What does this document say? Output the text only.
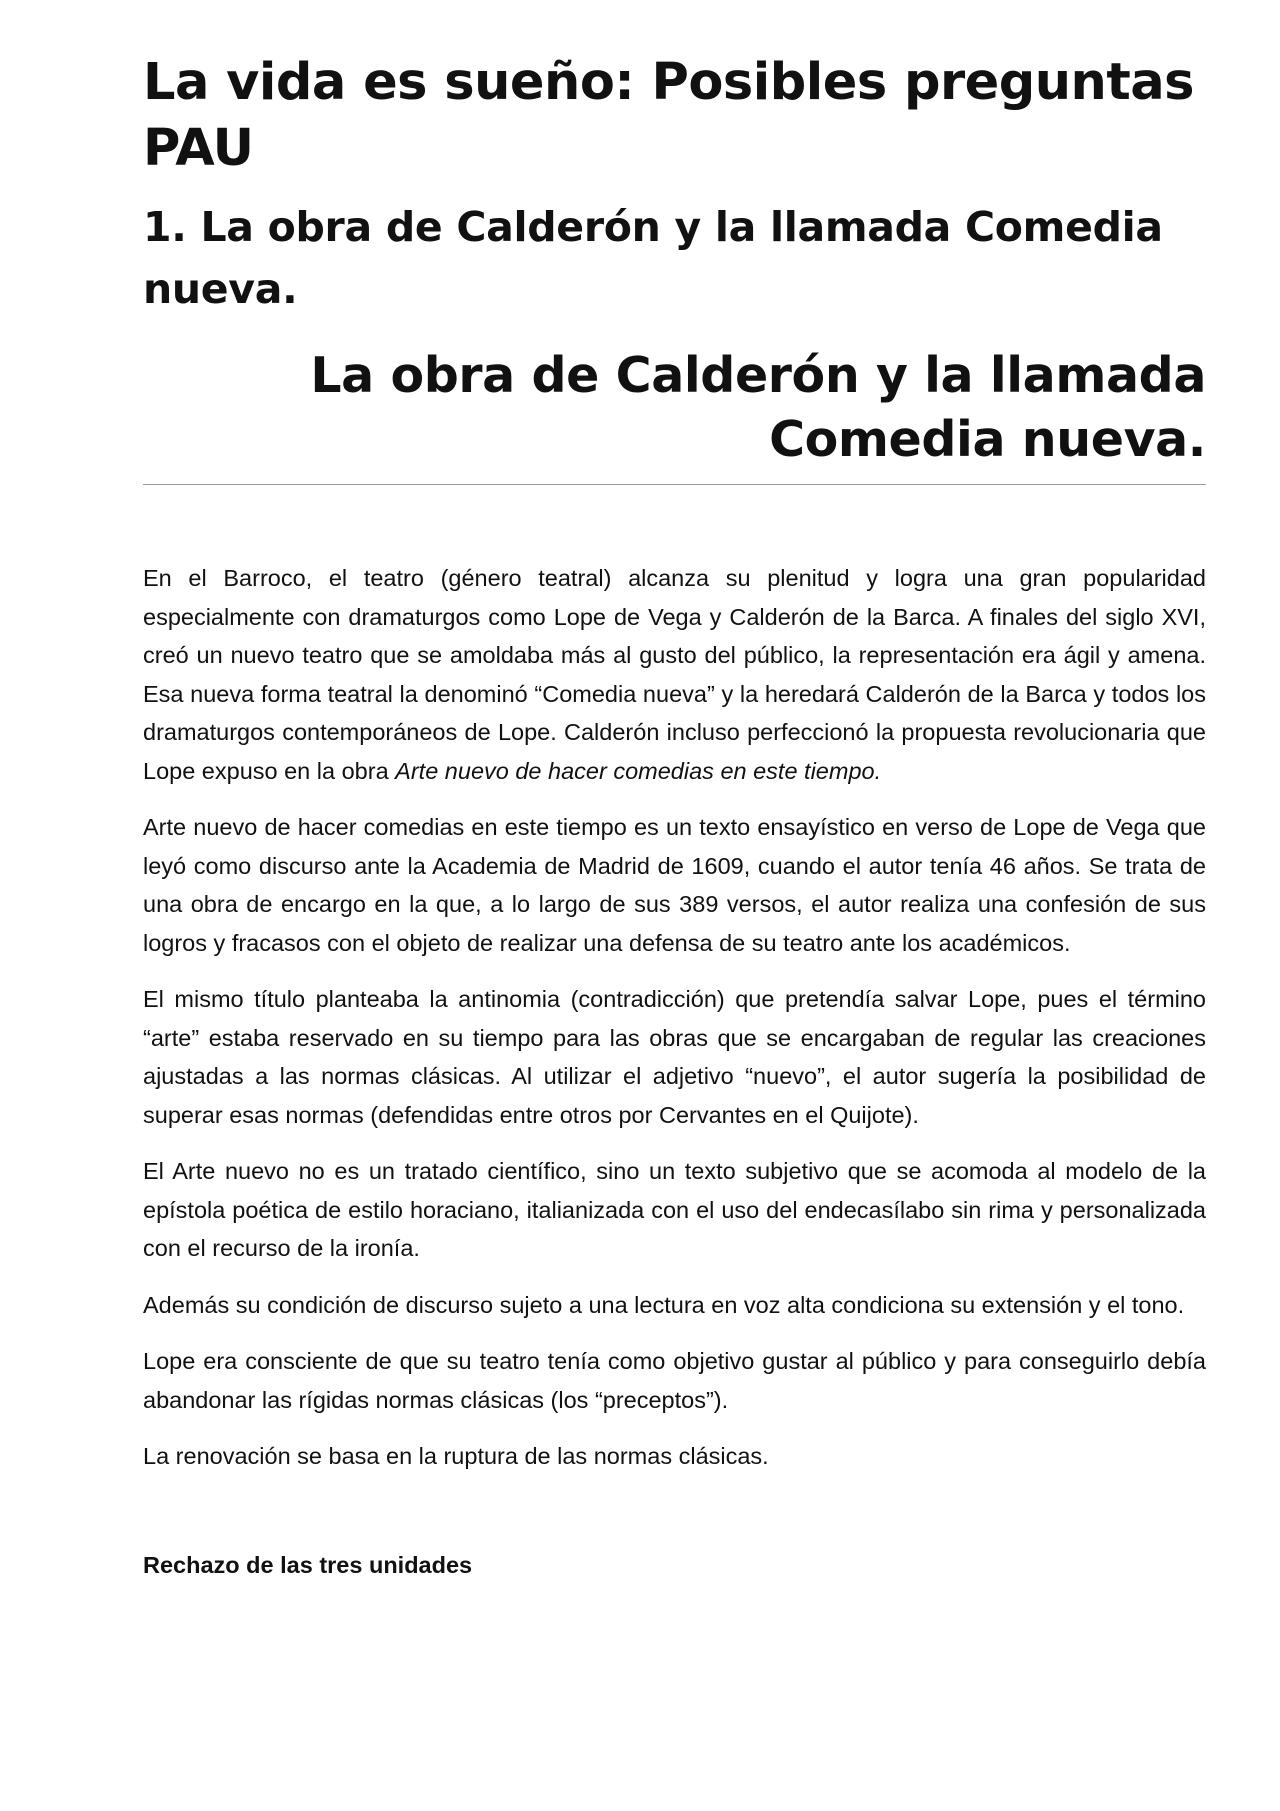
La vida es sueño: Posibles preguntas PAU
1. La obra de Calderón y la llamada Comedia nueva.
La obra de Calderón y la llamada
Comedia nueva.

En el Barroco, el teatro (género teatral) alcanza su plenitud y logra una gran popularidad especialmente con dramaturgos como Lope de Vega y Calderón de la Barca. A finales del siglo XVI, creó un nuevo teatro que se amoldaba más al gusto del público, la representación era ágil y amena. Esa nueva forma teatral la denominó “Comedia nueva” y la heredará Calderón de la Barca y todos los dramaturgos contemporáneos de Lope. Calderón incluso perfeccionó la propuesta revolucionaria que Lope expuso en la obra Arte nuevo de hacer comedias en este tiempo.

Arte nuevo de hacer comedias en este tiempo es un texto ensayístico en verso de Lope de Vega que leyó como discurso ante la Academia de Madrid de 1609, cuando el autor tenía 46 años. Se trata de una obra de encargo en la que, a lo largo de sus 389 versos, el autor realiza una confesión de sus logros y fracasos con el objeto de realizar una defensa de su teatro ante los académicos.

El mismo título planteaba la antinomia (contradicción) que pretendía salvar Lope, pues el término “arte” estaba reservado en su tiempo para las obras que se encargaban de regular las creaciones ajustadas a las normas clásicas. Al utilizar el adjetivo “nuevo”, el autor sugería la posibilidad de superar esas normas (defendidas entre otros por Cervantes en el Quijote).

El Arte nuevo no es un tratado científico, sino un texto subjetivo que se acomoda al modelo de la epístola poética de estilo horaciano, italianizada con el uso del endecasílabo sin rima y personalizada con el recurso de la ironía.

Además su condición de discurso sujeto a una lectura en voz alta condiciona su extensión y el tono.

Lope era consciente de que su teatro tenía como objetivo gustar al público y para conseguirlo debía abandonar las rígidas normas clásicas (los “preceptos”).

La renovación se basa en la ruptura de las normas clásicas.

Rechazo de las tres unidades
